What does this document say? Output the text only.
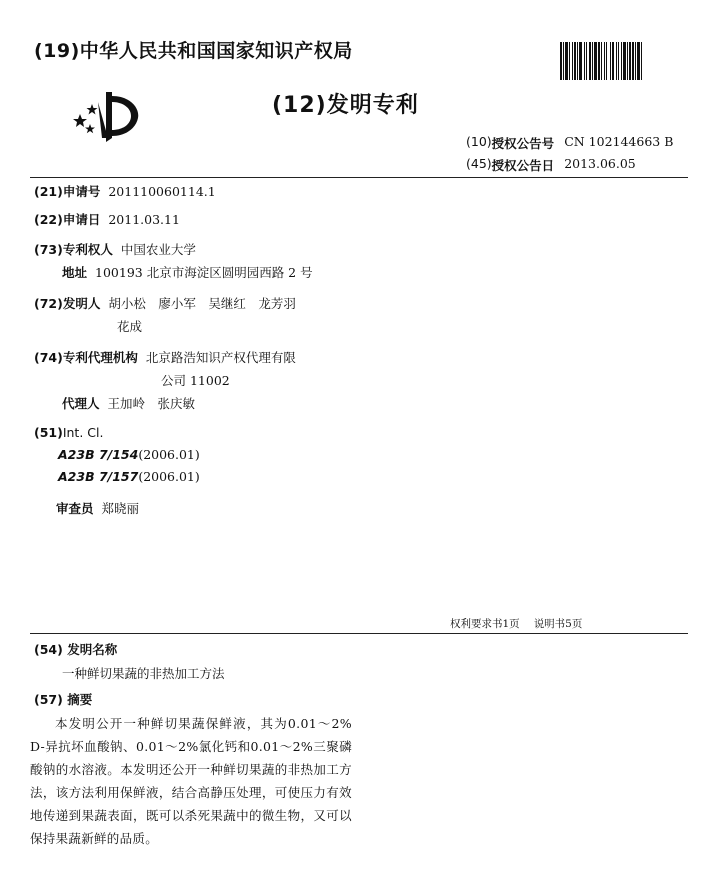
(19)中华人民共和国国家知识产权局
(12)发明专利
(10) 授权公告号 CN 102144663 B
(45) 授权公告日 2013.06.05
(21) 申请号 201110060114.1
(22) 申请日 2011.03.11
(73) 专利权人 中国农业大学
地址 100193 北京市海淀区圆明园西路 2 号
(72) 发明人 胡小松　廖小军　吴继红　龙芳羽
花成
(74) 专利代理机构 北京路浩知识产权代理有限
公司 11002
代理人 王加岭　张庆敏
(51) Int. Cl.
A23B 7/154(2006.01)
A23B 7/157(2006.01)
审查员 郑晓丽
权利要求书1页 说明书5页
(54) 发明名称
一种鲜切果蔬的非热加工方法
(57) 摘要
本发明公开一种鲜切果蔬保鲜液，其为0.01～2% D-异抗坏血酸钠、0.01～2%氯化钙和0.01～2%三聚磷酸钠的水溶液。本发明还公开一种鲜切果蔬的非热加工方法，该方法利用保鲜液，结合高静压处理，可使压力有效地传递到果蔬表面，既可以杀死果蔬中的微生物，又可以保持果蔬新鲜的品质。
